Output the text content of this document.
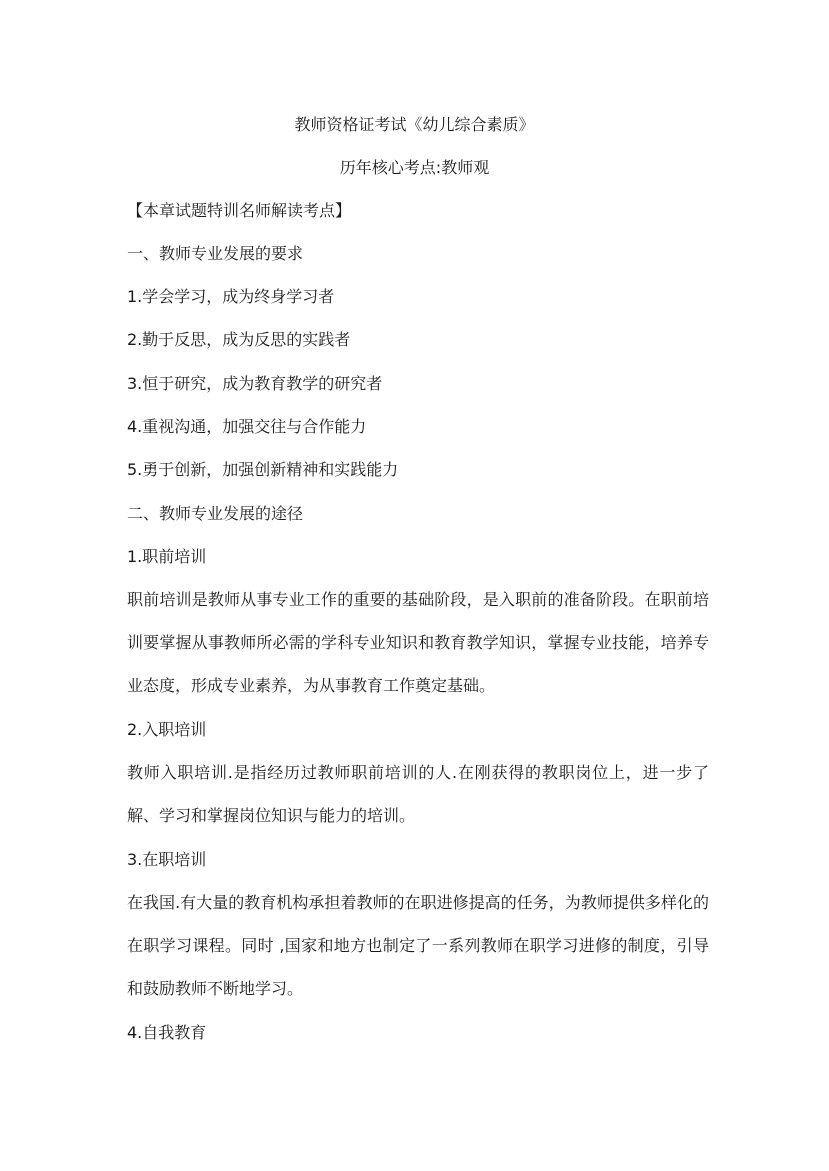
教师资格证考试《幼儿综合素质》
历年核心考点:教师观
【本章试题特训名师解读考点】
一、教师专业发展的要求
1.学会学习，成为终身学习者
2.勤于反思，成为反思的实践者
3.恒于研究，成为教育教学的研究者
4.重视沟通，加强交往与合作能力
5.勇于创新，加强创新精神和实践能力
二、教师专业发展的途径
1.职前培训
职前培训是教师从事专业工作的重要的基础阶段，是入职前的准备阶段。在职前培训要掌握从事教师所必需的学科专业知识和教育教学知识，掌握专业技能，培养专业态度，形成专业素养，为从事教育工作奠定基础。
2.入职培训
教师入职培训.是指经历过教师职前培训的人.在刚获得的教职岗位上，进一步了解、学习和掌握岗位知识与能力的培训。
3.在职培训
在我国.有大量的教育机构承担着教师的在职进修提高的任务，为教师提供多样化的在职学习课程。同时 ,国家和地方也制定了一系列教师在职学习进修的制度，引导和鼓励教师不断地学习。
4.自我教育
